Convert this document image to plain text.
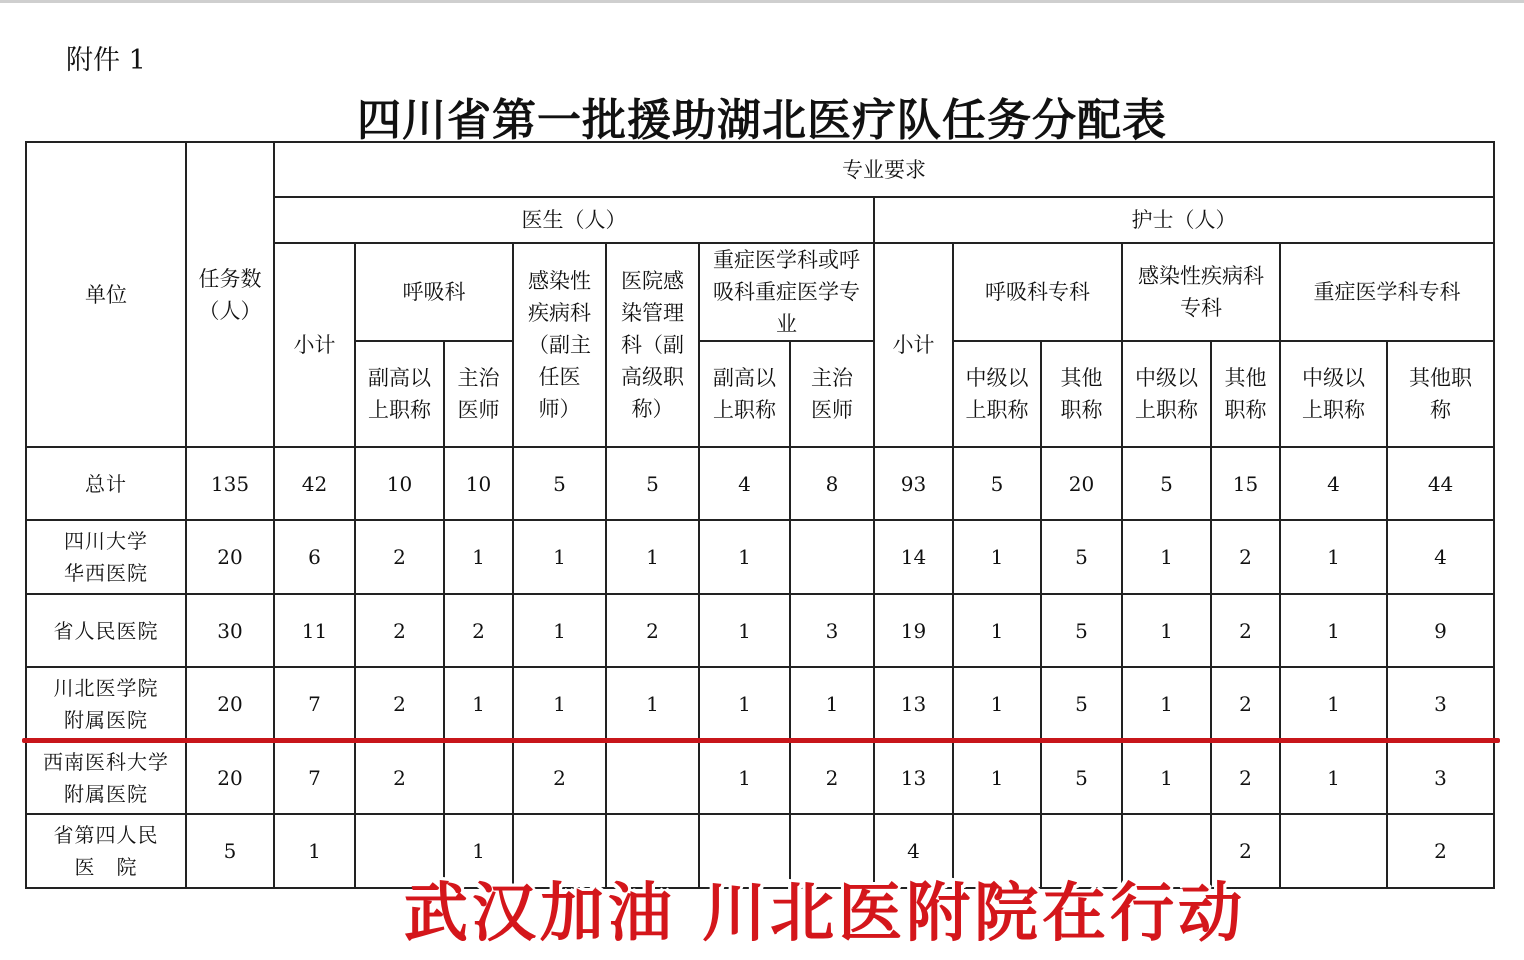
附件 1
四川省第一批援助湖北医疗队任务分配表
单位	任务数（人）	专业要求													
		医生（人）							护士（人）						
		小计	呼吸科		感染性疾病科（副主任医师）	医院感染管理科（副高级职称）	重症医学科或呼吸科重症医学专业		小计	呼吸科专科		感染性疾病科专科		重症医学科专科	
			副高以上职称	主治医师			副高以上职称	主治医师		中级以上职称	其他职称	中级以上职称	其他职称	中级以上职称	其他职称
总计	135	42	10	10	5	5	4	8	93	5	20	5	15	4	44
四川大学华西医院	20	6	2	1	1	1	1		14	1	5	1	2	1	4
省人民医院	30	11	2	2	1	2	1	3	19	1	5	1	2	1	9
川北医学院附属医院	20	7	2	1	1	1	1	1	13	1	5	1	2	1	3
西南医科大学附属医院	20	7	2		2		1	2	13	1	5	1	2	1	3
省第四人民医　院	5	1		1					4				2		2
武汉加油 川北医附院在行动
